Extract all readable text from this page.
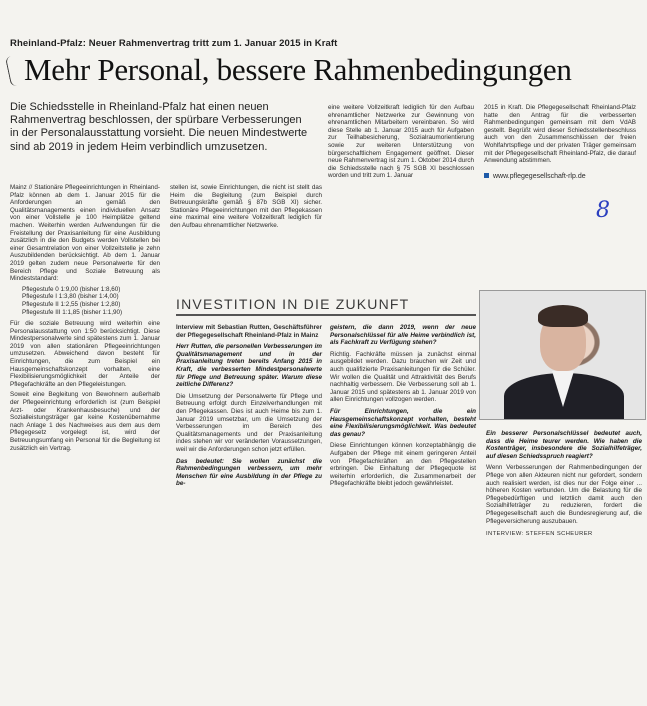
Rheinland-Pfalz: Neuer Rahmenvertrag tritt zum 1. Januar 2015 in Kraft
Mehr Personal, bessere Rahmenbedingungen
Die Schiedsstelle in Rheinland-Pfalz hat einen neuen Rahmenvertrag beschlossen, der spürbare Verbesserungen in der Personalausstattung vorsieht. Die neuen Mindestwerte sind ab 2019 in jedem Heim verbindlich umzusetzen.

Mainz // Stationäre Pflegeeinrichtungen in Rheinland-Pfalz können ab dem 1. Januar 2015 für die Anforderungen an gemäß den Qualitätsmanagements einen individuellen Ansatz von einer Vollstelle je 100 Heimplätze geltend machen. Weiterhin werden Aufwendungen für die Freistellung der Praxisanleitung für eine Ausbildung zusätzlich in die den Budgets werden Vollstellen bei einer Gesamtrelation von einer Vollzeitstelle je zehn Auszubildenden berücksichtigt. Ab dem 1. Januar 2019 gelten zudem neue Personalwerte für den Bereich Pflege und Soziale Betreuung als Mindeststandard:

Pflegestufe 0 1:9,00 (bisher 1:8,60)
Pflegestufe I 1:3,80 (bisher 1:4,00)
Pflegestufe II 1:2,55 (bisher 1:2,80)
Pflegestufe III 1:1,85 (bisher 1:1,90)

Für die soziale Betreuung wird weiterhin eine Personalausstattung von 1:50 berücksichtigt. Diese Mindestpersonalwerte sind spätestens zum 1. Januar 2019 von allen stationären Pflegeeinrichtungen umzusetzen. Abweichend davon besteht für Einrichtungen, die zum Beispiel ein Hausgemeinschaftskonzept vorhalten, eine Flexibilisierungsmöglichkeit der Anteile der Pflegefachkräfte an den Pflegeleistungen.

Soweit eine Begleitung von Bewohnern außerhalb der Pflegeeinrichtung erforderlich ist (zum Beispiel Arzt- oder Krankenhausbesuche) und der Sozialleistungsträger gar keine Kostenübernahme nach Anlage 1 des Nachweises aus dem aus dem Pflegegesetz vorgelegt ist, wird der Betreuungsumfang ein Personal für die Begleitung ist zusätzlich ein Vertrag.

stellen ist, sowie Einrichtungen, die nicht ist stellt das Heim die Begleitung (zum Beispiel durch Betreuungskräfte gemäß § 87b SGB XI) sicher. Stationäre Pflegeeinrichtungen mit den Pflegekassen eine maximal eine weitere Vollzeitkraft lediglich für den Aufbau ehrenamtlicher Netzwerke.

eine weitere Vollzeitkraft lediglich für den Aufbau ehrenamtlicher Netzwerke zur Gewinnung von ehrenamtlichen Mitarbeitern vereinbaren. So wird diese Stelle ab 1. Januar 2015 auch für Aufgaben zur Teilhabesicherung, Sozialraumorientierung sowie zur weiteren Unterstützung von bürgerschaftlichem Engagement geöffnet. Dieser neue Rahmenvertrag ist zum 1. Oktober 2014 durch die Schiedsstelle nach § 75 SGB XI beschlossen worden und tritt zum 1. Januar

2015 in Kraft. Die Pflegegesellschaft Rheinland-Pfalz hatte den Antrag für die verbesserten Rahmenbedingungen gemeinsam mit dem VdAB gestellt. Begrüßt wird dieser Schiedsstellenbeschluss auch von den Zusammenschlüssen der freien Wohlfahrtspflege und der privaten Träger gemeinsam mit der Pflegegesellschaft Rheinland-Pfalz, die darauf Anwendung abstimmen.

www.pflegegesellschaft-rlp.de
8
INVESTITION IN DIE ZUKUNFT

Interview mit Sebastian Rutten, Geschäftsführer der Pflegegesellschaft Rheinland-Pfalz in Mainz

Herr Rutten, die personellen Verbesserungen im Qualitätsmanagement und in der Praxisanleitung treten bereits Anfang 2015 in Kraft, die verbesserten Mindestpersonalwerte für Pflege und Betreuung später. Warum diese zeitliche Differenz?

Die Umsetzung der Personalwerte für Pflege und Betreuung erfolgt durch Einzelverhandlungen mit den Pflegekassen. Dies ist auch Heime bis zum 1. Januar 2019 umsetzbar, um die Umsetzung der Verbesserungen im Bereich des Qualitätsmanagements und der Praxisanleitung indes stehen wir vor veränderten Voraussetzungen, weil wir die Anforderungen schon jetzt erfüllen.

Das bedeutet: Sie wollen zunächst die Rahmenbedingungen verbessern, um mehr Menschen für eine Ausbildung in der Pflege zu be-

geistern, die dann 2019, wenn der neue Personalschlüssel für alle Heime verbindlich ist, als Fachkraft zu Verfügung stehen?

Richtig. Fachkräfte müssen ja zunächst einmal ausgebildet werden. Dazu brauchen wir Zeit und auch qualifizierte Praxisanleitungen für die Schüler. Wir wollen die Qualität und Attraktivität des Berufs nachhaltig verbessern. Die Verbesserung soll ab 1. Januar 2015 und spätestens ab 1. Januar 2019 von allen Einrichtungen vollzogen werden.

Für Einrichtungen, die ein Hausgemeinschaftskonzept vorhalten, besteht eine Flexibilisierungsmöglichkeit. Was bedeutet das genau?

Diese Einrichtungen können konzeptabhängig die Aufgaben der Pflege mit einem geringeren Anteil von Pflegefachkräften an den Pflegestellen erbringen. Die Einhaltung der Pflegequote ist weiterhin erforderlich, die Zusammenarbeit der Pflegefachkräfte bleibt jedoch gewährleistet.

Ein besserer Personalschlüssel bedeutet auch, dass die Heime teurer werden. Wie haben die Kostenträger, insbesondere die Sozialhilfeträger, auf diesen Schiedsspruch reagiert?

Wenn Verbesserungen der Rahmenbedingungen der Pflege von allen Akteuren nicht nur gefordert, sondern auch realisiert werden, ist dies nur der Folge einer ... höheren Kosten verbunden. Um die Belastung für die Pflegebedürftigen und letztlich damit auch den Sozialhilfeträger zu reduzieren, fordert die Pflegegesellschaft auch die Bundesregierung auf, die Pflegeversicherung auszubauen.

INTERVIEW: STEFFEN SCHEURER
